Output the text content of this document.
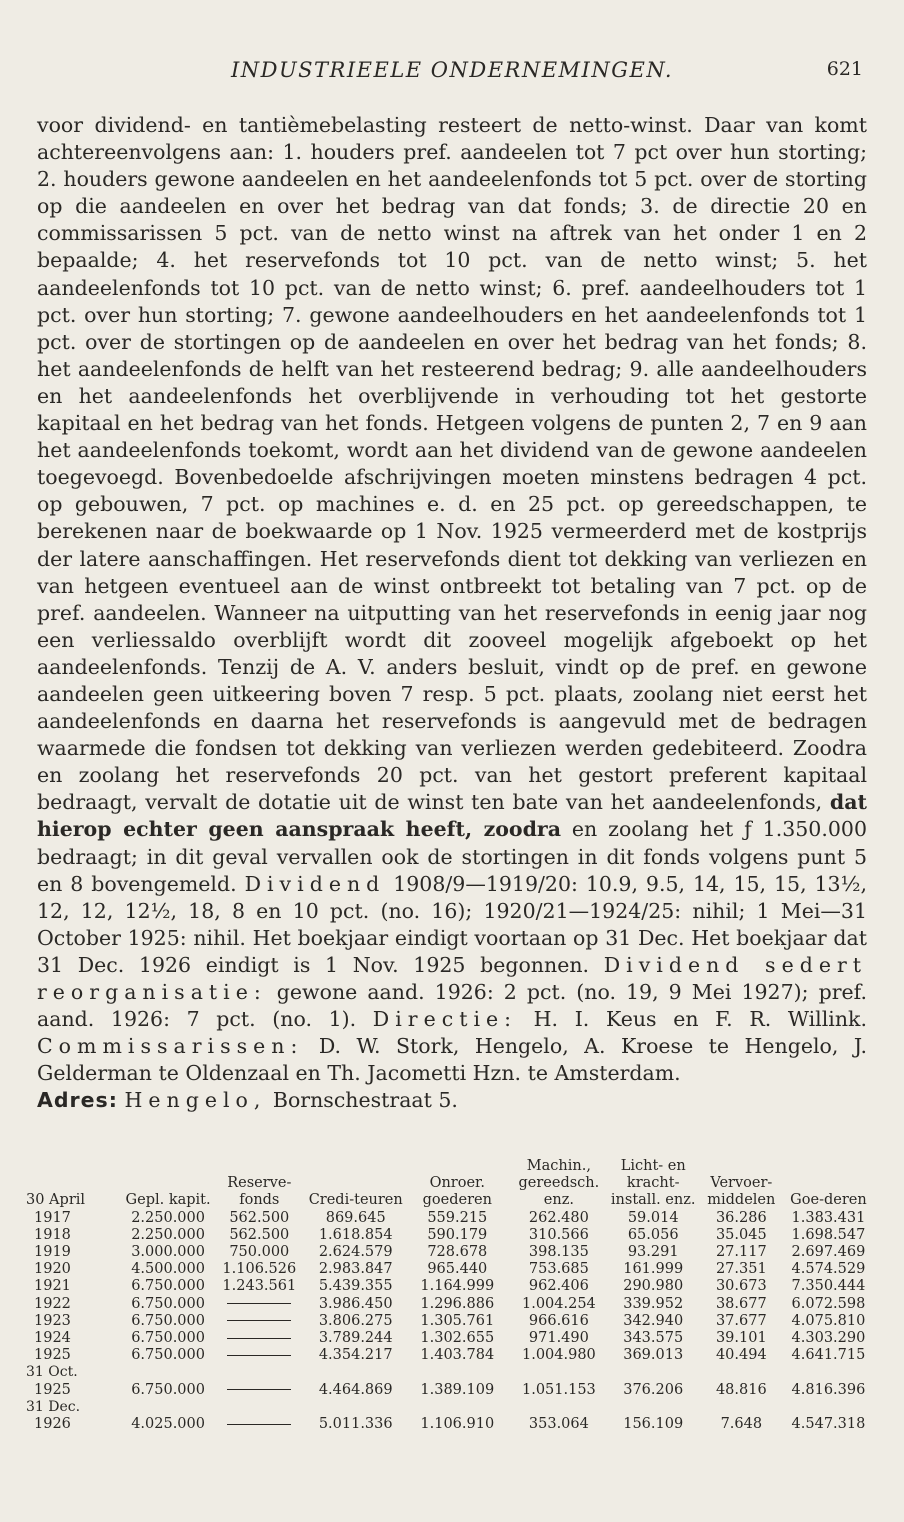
INDUSTRIEELE ONDERNEMINGEN.	621

voor dividend- en tantièmebelasting resteert de netto-winst. Daar van komt achtereenvolgens aan: 1. houders pref. aandeelen tot 7 pct over hun storting; 2. houders gewone aandeelen en het aandeelenfonds tot 5 pct. over de storting op die aandeelen en over het bedrag van dat fonds; 3. de directie 20 en commissarissen 5 pct. van de netto winst na aftrek van het onder 1 en 2 bepaalde; 4. het reservefonds tot 10 pct. van de netto winst; 5. het aandeelenfonds tot 10 pct. van de netto winst; 6. pref. aandeelhouders tot 1 pct. over hun storting; 7. gewone aandeelhouders en het aandeelenfonds tot 1 pct. over de stortingen op de aandeelen en over het bedrag van het fonds; 8. het aandeelenfonds de helft van het resteerend bedrag; 9. alle aandeelhouders en het aandeelenfonds het overblijvende in verhouding tot het gestorte kapitaal en het bedrag van het fonds. Hetgeen volgens de punten 2, 7 en 9 aan het aandeelenfonds toekomt, wordt aan het dividend van de gewone aandeelen toegevoegd. Bovenbedoelde afschrijvingen moeten minstens bedragen 4 pct. op gebouwen, 7 pct. op machines e. d. en 25 pct. op gereedschappen, te berekenen naar de boekwaarde op 1 Nov. 1925 vermeerderd met de kostprijs der latere aanschaffingen. Het reservefonds dient tot dekking van verliezen en van hetgeen eventueel aan de winst ontbreekt tot betaling van 7 pct. op de pref. aandeelen. Wanneer na uitputting van het reservefonds in eenig jaar nog een verliessaldo overblijft wordt dit zooveel mogelijk afgeboekt op het aandeelenfonds. Tenzij de A. V. anders besluit, vindt op de pref. en gewone aandeelen geen uitkeering boven 7 resp. 5 pct. plaats, zoolang niet eerst het aandeelenfonds en daarna het reservefonds is aangevuld met de bedragen waarmede die fondsen tot dekking van verliezen werden gedebiteerd. Zoodra en zoolang het reservefonds 20 pct. van het gestort preferent kapitaal bedraagt, vervalt de dotatie uit de winst ten bate van het aandeelenfonds, dat hierop echter geen aanspraak heeft, zoodra en zoolang het ƒ 1.350.000 bedraagt; in dit geval vervallen ook de stortingen in dit fonds volgens punt 5 en 8 bovengemeld. Dividend 1908/9—1919/20: 10.9, 9.5, 14, 15, 15, 13½, 12, 12, 12½, 18, 8 en 10 pct. (no. 16); 1920/21—1924/25: nihil; 1 Mei—31 October 1925: nihil. Het boekjaar eindigt voortaan op 31 Dec. Het boekjaar dat 31 Dec. 1926 eindigt is 1 Nov. 1925 begonnen. Dividend sedert reorganisatie: gewone aand. 1926: 2 pct. (no. 19, 9 Mei 1927); pref. aand. 1926: 7 pct. (no. 1). Directie: H. I. Keus en F. R. Willink. Commissarissen: D. W. Stork, Hengelo, A. Kroese te Hengelo, J. Gelderman te Oldenzaal en Th. Jacometti Hzn. te Amsterdam.

Adres: Hengelo, Bornschestraat 5.

30 April	Gepl. kapit.	Reserve-fonds	Credi-teuren	Onroer. goederen	Machin., gereedsch. enz.	Licht- en kracht-install. enz.	Vervoer-middelen	Goe-deren
1917	2.250.000	562.500	869.645	559.215	262.480	59.014	36.286	1.383.431
1918	2.250.000	562.500	1.618.854	590.179	310.566	65.056	35.045	1.698.547
1919	3.000.000	750.000	2.624.579	728.678	398.135	93.291	27.117	2.697.469
1920	4.500.000	1.106.526	2.983.847	965.440	753.685	161.999	27.351	4.574.529
1921	6.750.000	1.243.561	5.439.355	1.164.999	962.406	290.980	30.673	7.350.444
1922	6.750.000		3.986.450	1.296.886	1.004.254	339.952	38.677	6.072.598
1923	6.750.000		3.806.275	1.305.761	966.616	342.940	37.677	4.075.810
1924	6.750.000		3.789.244	1.302.655	971.490	343.575	39.101	4.303.290
1925	6.750.000		4.354.217	1.403.784	1.004.980	369.013	40.494	4.641.715
31 Oct.								
1925	6.750.000		4.464.869	1.389.109	1.051.153	376.206	48.816	4.816.396
31 Dec.								
1926	4.025.000		5.011.336	1.106.910	353.064	156.109	7.648	4.547.318
